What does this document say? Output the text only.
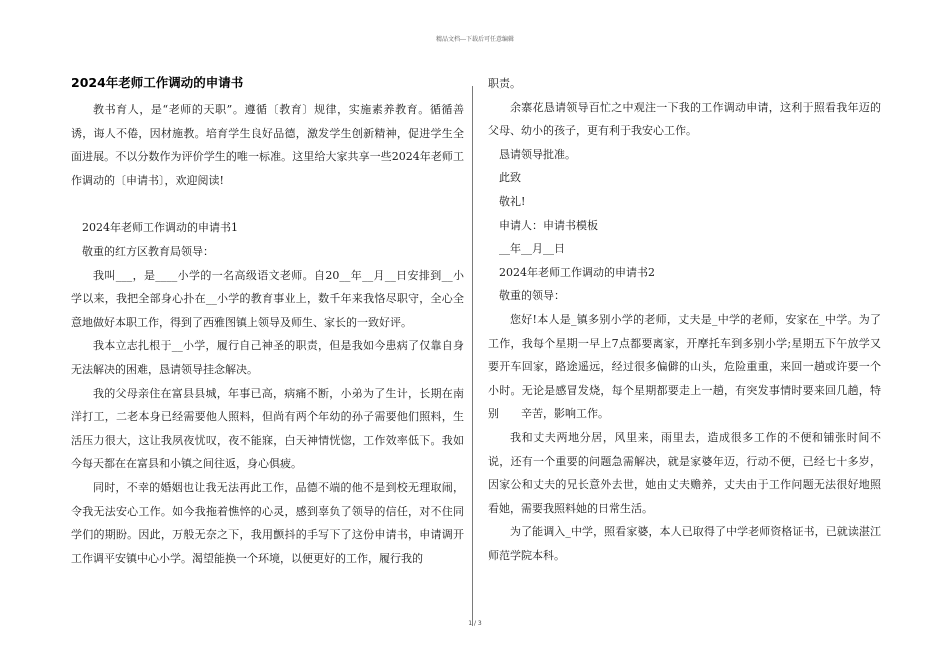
精品文档---下载后可任意编辑
2024年老师工作调动的申请书

教书育人，是“老师的天职”。遵循〔教育〕规律，实施素养教育。循循善诱，诲人不倦，因材施教。培育学生良好品德，激发学生创新精神，促进学生全面进展。不以分数作为评价学生的唯一标准。这里给大家共享一些2024年老师工作调动的〔申请书〕，欢迎阅读!

2024年老师工作调动的申请书1

敬重的红方区教育局领导：

我叫___，是____小学的一名高级语文老师。自20__年__月__日安排到__小学以来，我把全部身心扑在__小学的教育事业上，数千年来我恪尽职守，全心全意地做好本职工作，得到了西雅图镇上领导及师生、家长的一致好评。

我本立志扎根于__小学，履行自己神圣的职责，但是我如今患病了仅靠自身无法解决的困难，恳请领导挂念解决。

我的父母亲住在富县县城，年事已高，病痛不断，小弟为了生计，长期在南洋打工，二老本身已经需要他人照料，但尚有两个年幼的孙子需要他们照料，生活压力很大，这让我夙夜忧叹，夜不能寐，白天神情恍惚，工作效率低下。我如今每天都在在富县和小镇之间往返，身心俱疲。

同时，不幸的婚姻也让我无法再此工作，品德不端的他不是到校无理取闹，令我无法安心工作。如今我拖着憔悴的心灵，感到辜负了领导的信任，对不住同学们的期盼。因此，万般无奈之下，我用颤抖的手写下了这份申请书，申请调开工作调平安镇中心小学。渴望能换一个环境，以便更好的工作，履行我的

职责。

余寨花恳请领导百忙之中观注一下我的工作调动申请，这利于照看我年迈的父母、幼小的孩子，更有利于我安心工作。

恳请领导批准。

此致

敬礼!

申请人：申请书模板

__年__月__日

2024年老师工作调动的申请书2

敬重的领导：

您好!本人是_镇多别小学的老师，丈夫是_中学的老师，安家在_中学。为了工作，我每个星期一早上7点都要离家，开摩托车到多别小学;星期五下午放学又要开车回家，路途遥远，经过很多偏僻的山头，危险重重，来回一趟或许要一个小时。无论是感冒发烧，每个星期都要走上一趟，有突发事情时要来回几趟，特别　　辛苦，影响工作。

我和丈夫两地分居，风里来，雨里去，造成很多工作的不便和铺张时间不说，还有一个重要的问题急需解决，就是家婆年迈，行动不便，已经七十多岁，因家公和丈夫的兄长意外去世，她由丈夫赡养，丈夫由于工作问题无法很好地照看她，需要我照料她的日常生活。

为了能调入_中学，照看家婆，本人已取得了中学老师资格证书，已就读湛江师范学院本科。

1 / 3
